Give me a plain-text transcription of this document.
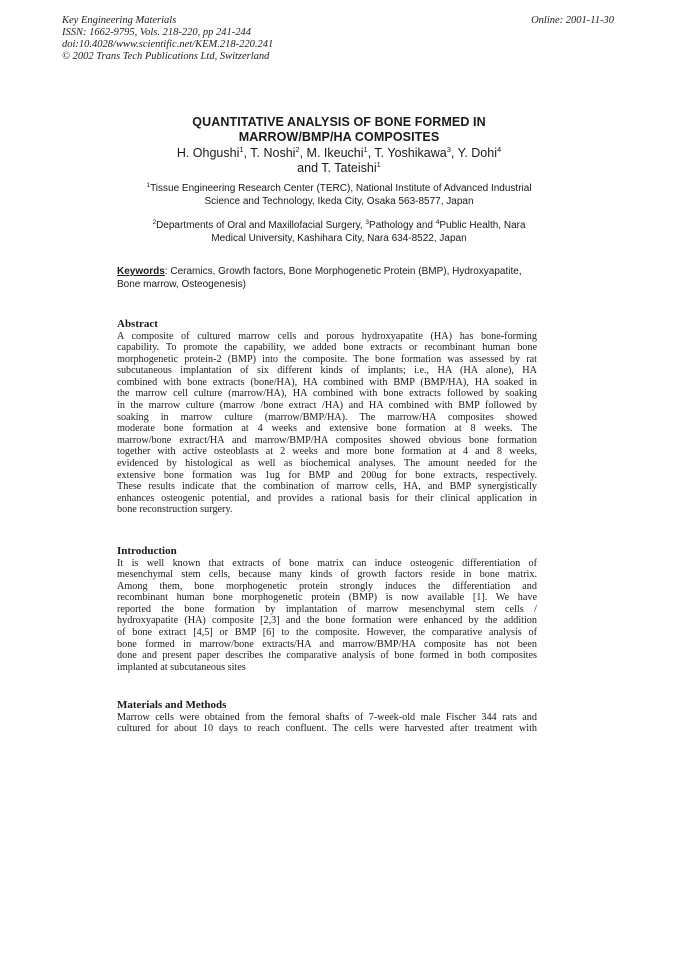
Key Engineering Materials
ISSN: 1662-9795, Vols. 218-220, pp 241-244
doi:10.4028/www.scientific.net/KEM.218-220.241
© 2002 Trans Tech Publications Ltd, Switzerland
Online: 2001-11-30
QUANTITATIVE ANALYSIS OF BONE FORMED IN
MARROW/BMP/HA COMPOSITES
H. Ohgushi$^1$, T. Noshi$^2$, M. Ikeuchi$^1$, T. Yoshikawa$^3$, Y. Dohi$^4$
and T. Tateishi$^1$
$^1$Tissue Engineering Research Center (TERC), National Institute of Advanced Industrial
Science and Technology, Ikeda City, Osaka 563-8577, Japan
$^2$Departments of Oral and Maxillofacial Surgery, $^3$Pathology and $^4$Public Health, Nara
Medical University, Kashihara City, Nara 634-8522, Japan
Keywords: Ceramics, Growth factors, Bone Morphogenetic Protein (BMP), Hydroxyapatite,
Bone marrow, Osteogenesis)
Abstract
A composite of cultured marrow cells and porous hydroxyapatite (HA) has bone-forming
capability. To promote the capability, we added bone extracts or recombinant human bone
morphogenetic protein-2 (BMP) into the composite. The bone formation was assessed by rat
subcutaneous implantation of six different kinds of implants; i.e., HA (HA alone), HA
combined with bone extracts (bone/HA), HA combined with BMP (BMP/HA), HA soaked in
the marrow cell culture (marrow/HA), HA combined with bone extracts followed by soaking
in the marrow culture (marrow /bone extract /HA) and HA combined with BMP followed by
soaking in marrow culture (marrow/BMP/HA). The marrow/HA composites showed
moderate bone formation at 4 weeks and extensive bone formation at 8 weeks. The
marrow/bone extract/HA and marrow/BMP/HA composites showed obvious bone formation
together with active osteoblasts at 2 weeks and more bone formation at 4 and 8 weeks,
evidenced by histological as well as biochemical analyses. The amount needed for the
extensive bone formation was 1ug for BMP and 200ug for bone extracts, respectively.
These results indicate that the combination of marrow cells, HA, and BMP synergistically
enhances osteogenic potential, and provides a rational basis for their clinical application in
bone reconstruction surgery.
Introduction
It is well known that extracts of bone matrix can induce osteogenic differentiation of
mesenchymal stem cells, because many kinds of growth factors reside in bone matrix.
Among them, bone morphogenetic protein strongly induces the differentiation and
recombinant human bone morphogenetic protein (BMP) is now available [1]. We have
reported the bone formation by implantation of marrow mesenchymal stem cells /
hydroxyapatite (HA) composite [2,3] and the bone formation were enhanced by the addition
of bone extract [4,5] or BMP [6] to the composite. However, the comparative analysis of
bone formed in marrow/bone extracts/HA and marrow/BMP/HA composite has not been
done and present paper describes the comparative analysis of bone formed in both composites
implanted at subcutaneous sites
Materials and Methods
Marrow cells were obtained from the femoral shafts of 7-week-old male Fischer 344 rats and
cultured for about 10 days to reach confluent. The cells were harvested after treatment with
